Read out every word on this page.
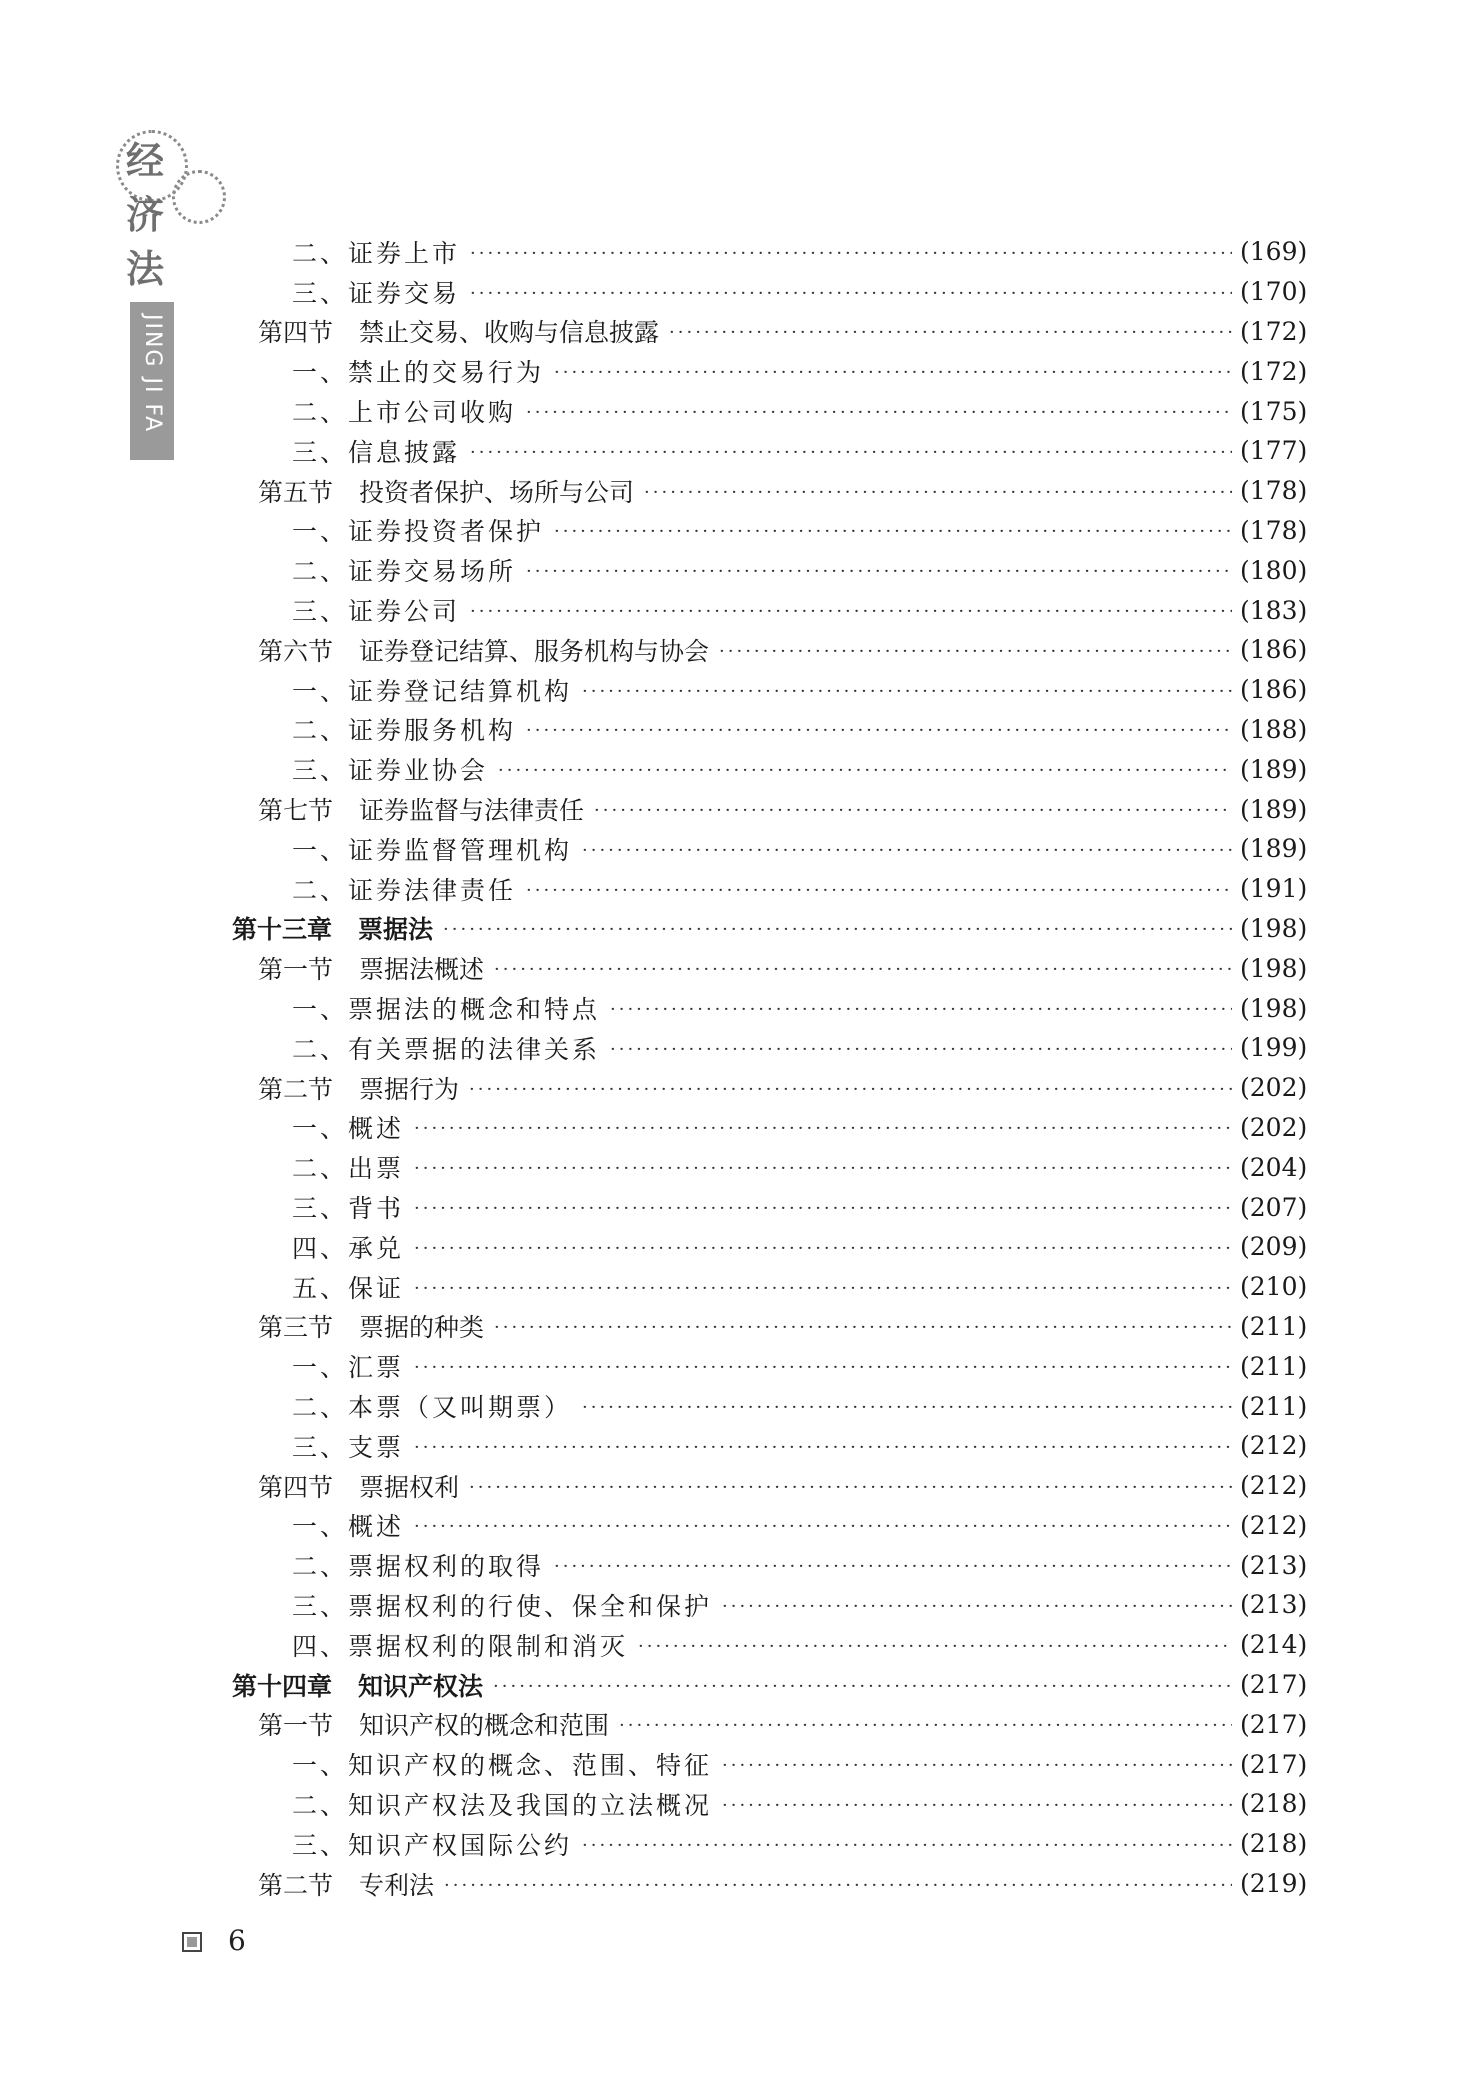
经
济
法
JING JI FA
二、证券上市 ·····	(169)
三、证券交易 ·····	(170)
第四节 禁止交易、收购与信息披露 ·····	(172)
一、禁止的交易行为 ·····	(172)
二、上市公司收购 ·····	(175)
三、信息披露 ·····	(177)
第五节 投资者保护、场所与公司 ·····	(178)
一、证券投资者保护 ·····	(178)
二、证券交易场所 ·····	(180)
三、证券公司 ·····	(183)
第六节 证券登记结算、服务机构与协会 ·····	(186)
一、证券登记结算机构 ·····	(186)
二、证券服务机构 ·····	(188)
三、证券业协会 ·····	(189)
第七节 证券监督与法律责任 ·····	(189)
一、证券监督管理机构 ·····	(189)
二、证券法律责任 ·····	(191)
第十三章 票据法 ·····	(198)
第一节 票据法概述 ·····	(198)
一、票据法的概念和特点 ·····	(198)
二、有关票据的法律关系 ·····	(199)
第二节 票据行为 ·····	(202)
一、概述 ·····	(202)
二、出票 ·····	(204)
三、背书 ·····	(207)
四、承兑 ·····	(209)
五、保证 ·····	(210)
第三节 票据的种类 ·····	(211)
一、汇票 ·····	(211)
二、本票（又叫期票） ·····	(211)
三、支票 ·····	(212)
第四节 票据权利 ·····	(212)
一、概述 ·····	(212)
二、票据权利的取得 ·····	(213)
三、票据权利的行使、保全和保护 ·····	(213)
四、票据权利的限制和消灭 ·····	(214)
第十四章 知识产权法 ·····	(217)
第一节 知识产权的概念和范围 ·····	(217)
一、知识产权的概念、范围、特征 ·····	(217)
二、知识产权法及我国的立法概况 ·····	(218)
三、知识产权国际公约 ·····	(218)
第二节 专利法 ·····	(219)
6
